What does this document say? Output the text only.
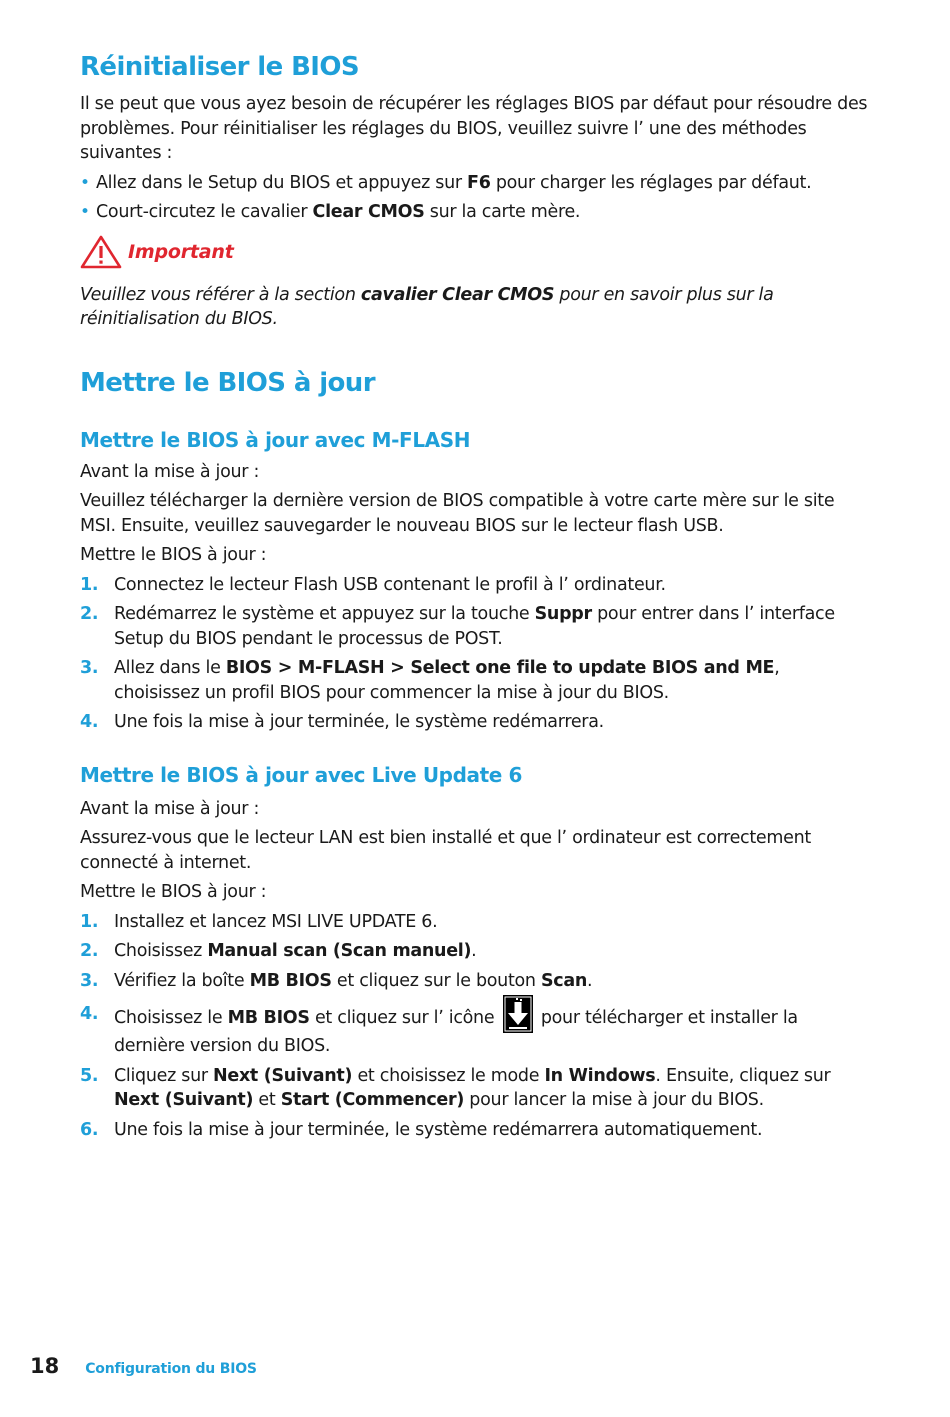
Réinitialiser le BIOS

Il se peut que vous ayez besoin de récupérer les réglages BIOS par défaut pour résoudre des problèmes. Pour réinitialiser les réglages du BIOS, veuillez suivre lʼ une des méthodes suivantes :

• Allez dans le Setup du BIOS et appuyez sur F6 pour charger les réglages par défaut.

• Court-circutez le cavalier Clear CMOS sur la carte mère.

Important

Veuillez vous référer à la section cavalier Clear CMOS pour en savoir plus sur la réinitialisation du BIOS.

Mettre le BIOS à jour
Mettre le BIOS à jour avec M-FLASH

Avant la mise à jour :

Veuillez télécharger la dernière version de BIOS compatible à votre carte mère sur le site MSI. Ensuite, veuillez sauvegarder le nouveau BIOS sur le lecteur flash USB.

Mettre le BIOS à jour :

1. Connectez le lecteur Flash USB contenant le profil à lʼ ordinateur.
2. Redémarrez le système et appuyez sur la touche Suppr pour entrer dans lʼ interface Setup du BIOS pendant le processus de POST.
3. Allez dans le BIOS > M-FLASH > Select one file to update BIOS and ME, choisissez un profil BIOS pour commencer la mise à jour du BIOS.
4. Une fois la mise à jour terminée, le système redémarrera.
Mettre le BIOS à jour avec Live Update 6

Avant la mise à jour :

Assurez-vous que le lecteur LAN est bien installé et que lʼ ordinateur est correctement connecté à internet.

Mettre le BIOS à jour :

1. Installez et lancez MSI LIVE UPDATE 6.
2. Choisissez Manual scan (Scan manuel).
3. Vérifiez la boîte MB BIOS et cliquez sur le bouton Scan.
4. Choisissez le MB BIOS et cliquez sur lʼ icône  pour télécharger et installer la dernière version du BIOS.
5. Cliquez sur Next (Suivant) et choisissez le mode In Windows. Ensuite, cliquez sur Next (Suivant) et Start (Commencer) pour lancer la mise à jour du BIOS.
6. Une fois la mise à jour terminée, le système redémarrera automatiquement.
18 Configuration du BIOS
